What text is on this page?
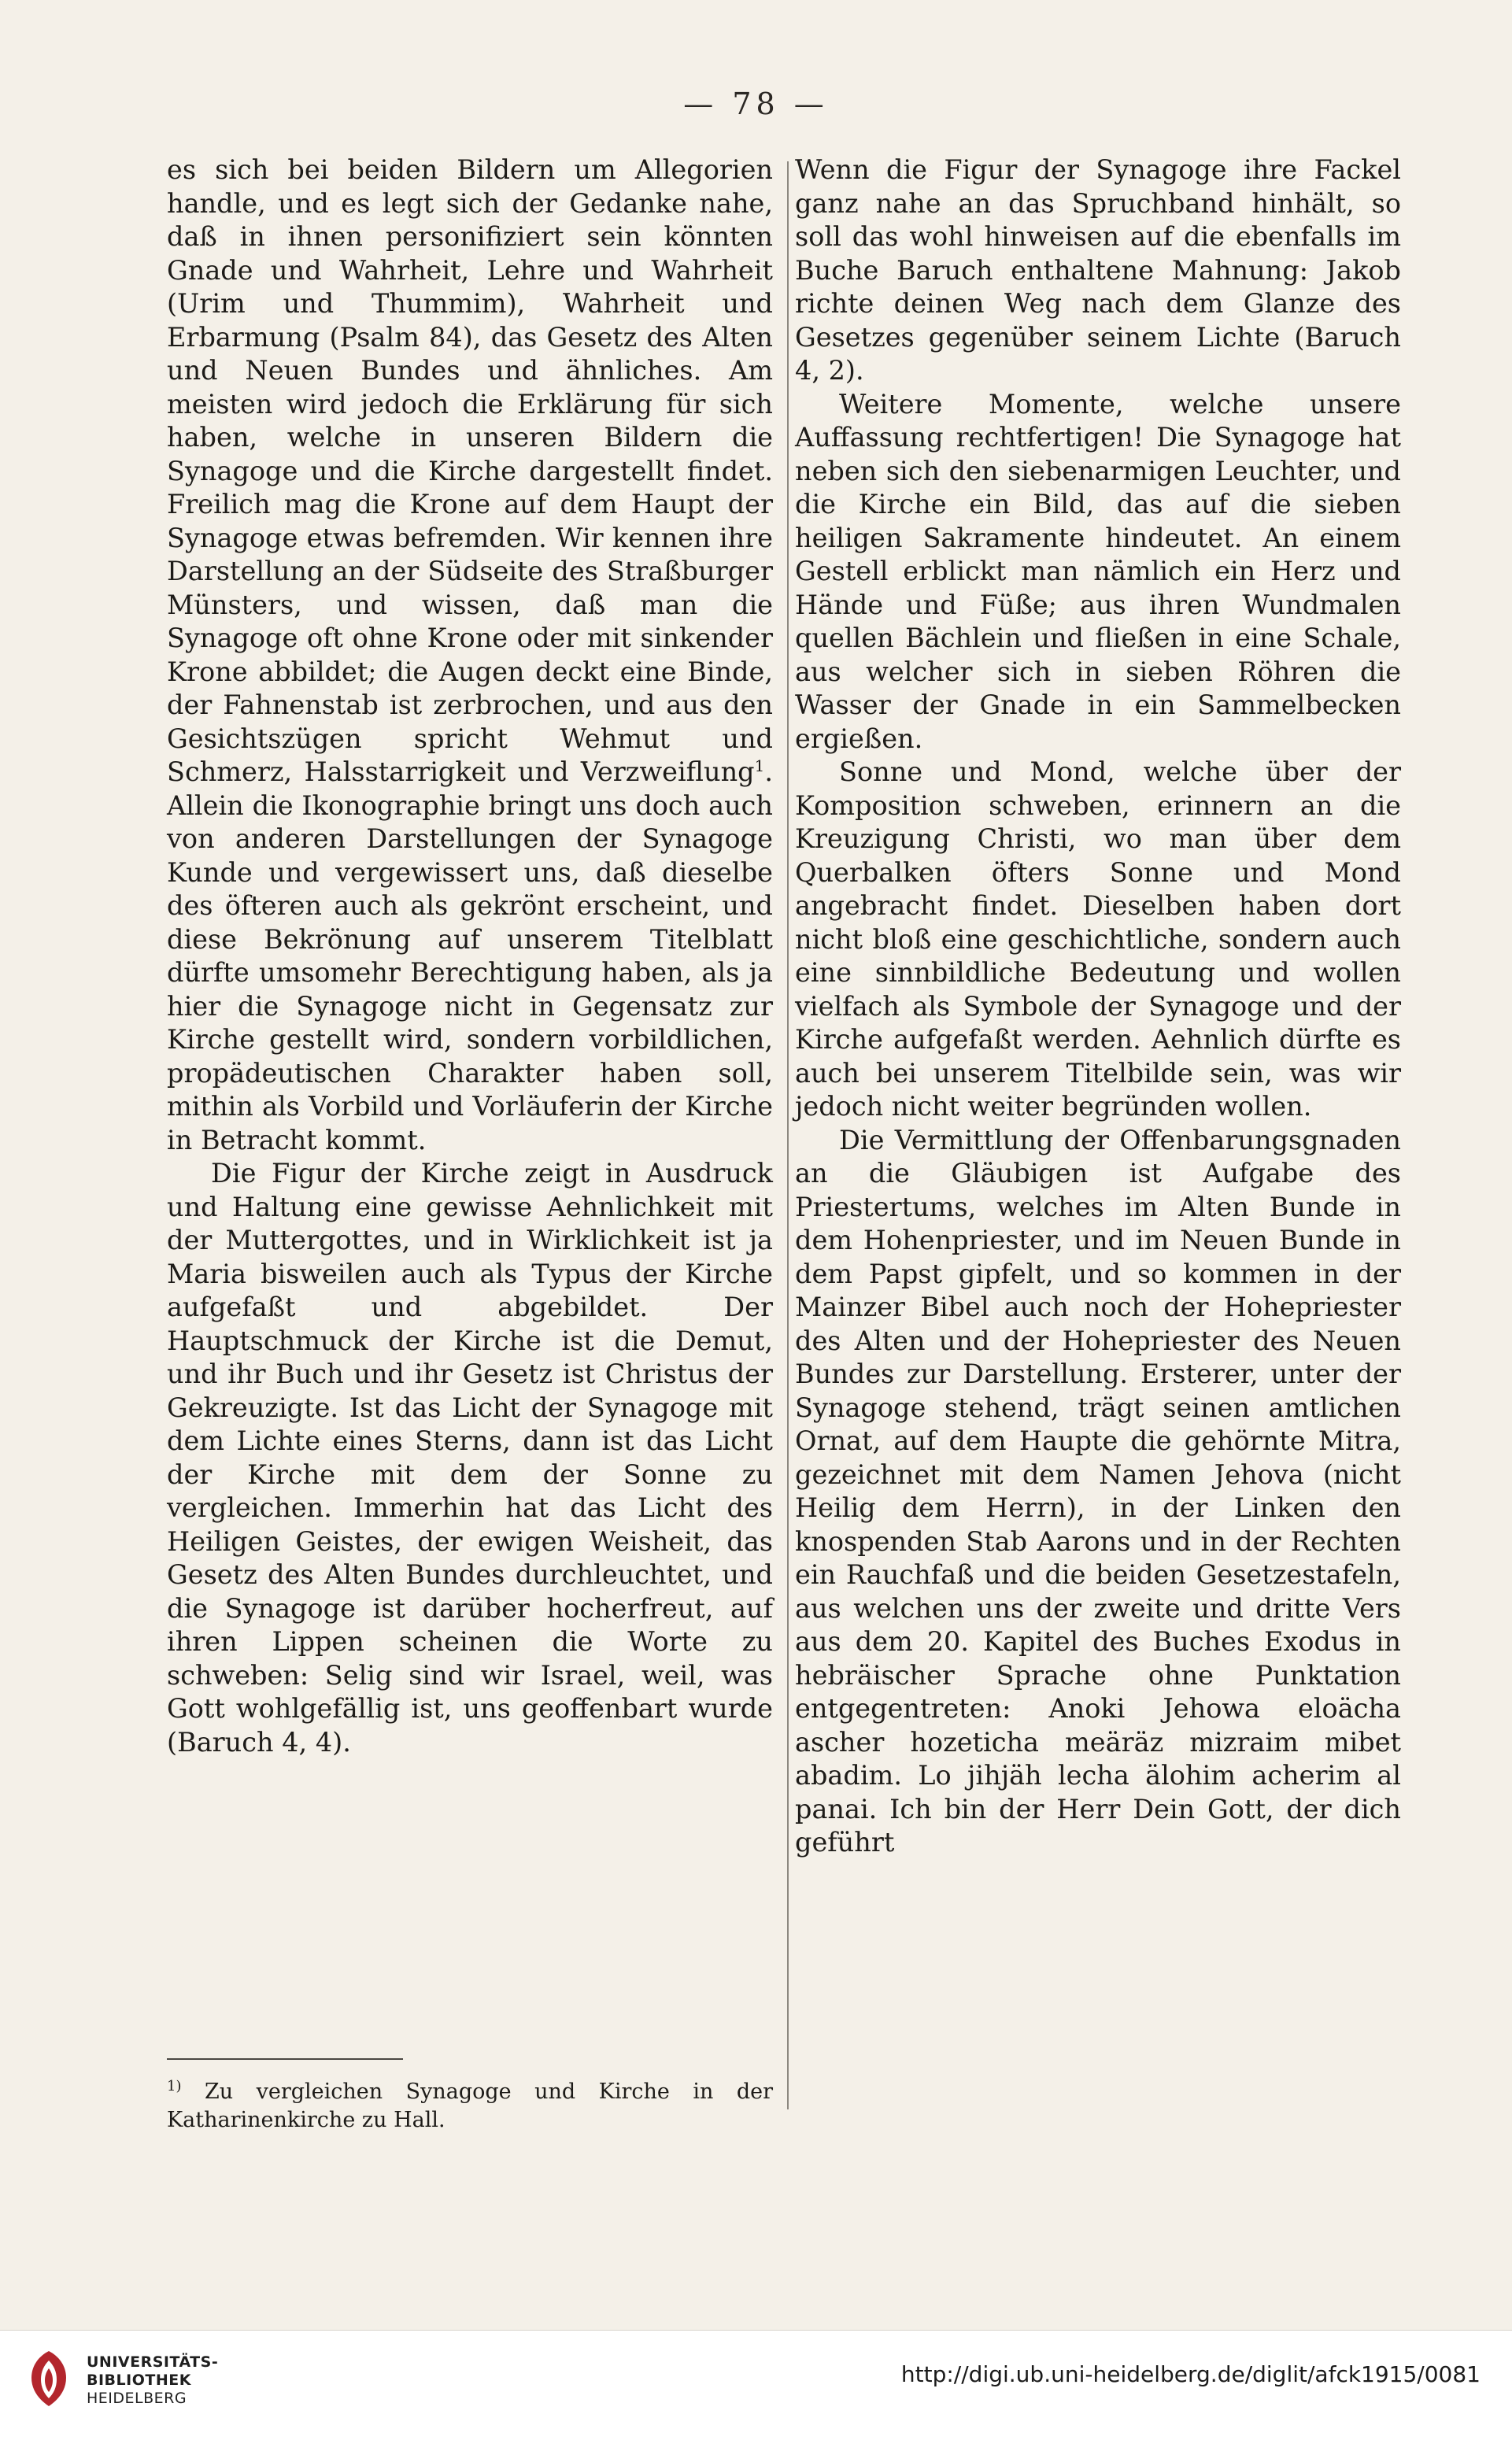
— 78 —

es sich bei beiden Bildern um Allegorien handle, und es legt sich der Gedanke nahe, daß in ihnen personifiziert sein könnten Gnade und Wahrheit, Lehre und Wahrheit (Urim und Thummim), Wahrheit und Erbarmung (Psalm 84), das Gesetz des Alten und Neuen Bundes und ähnliches. Am meisten wird jedoch die Erklärung für sich haben, welche in unseren Bildern die Synagoge und die Kirche dargestellt findet. Freilich mag die Krone auf dem Haupt der Synagoge etwas befremden. Wir kennen ihre Darstellung an der Südseite des Straßburger Münsters, und wissen, daß man die Synagoge oft ohne Krone oder mit sinkender Krone abbildet; die Augen deckt eine Binde, der Fahnenstab ist zerbrochen, und aus den Gesichtszügen spricht Wehmut und Schmerz, Halsstarrigkeit und Verzweiflung$^1$. Allein die Ikonographie bringt uns doch auch von anderen Darstellungen der Synagoge Kunde und vergewissert uns, daß dieselbe des öfteren auch als gekrönt erscheint, und diese Bekrönung auf unserem Titelblatt dürfte umsomehr Berechtigung haben, als ja hier die Synagoge nicht in Gegensatz zur Kirche gestellt wird, sondern vorbildlichen, propädeutischen Charakter haben soll, mithin als Vorbild und Vorläuferin der Kirche in Betracht kommt.

Die Figur der Kirche zeigt in Ausdruck und Haltung eine gewisse Aehnlichkeit mit der Muttergottes, und in Wirklichkeit ist ja Maria bisweilen auch als Typus der Kirche aufgefaßt und abgebildet. Der Hauptschmuck der Kirche ist die Demut, und ihr Buch und ihr Gesetz ist Christus der Gekreuzigte. Ist das Licht der Synagoge mit dem Lichte eines Sterns, dann ist das Licht der Kirche mit dem der Sonne zu vergleichen. Immerhin hat das Licht des Heiligen Geistes, der ewigen Weisheit, das Gesetz des Alten Bundes durchleuchtet, und die Synagoge ist darüber hocherfreut, auf ihren Lippen scheinen die Worte zu schweben: Selig sind wir Israel, weil, was Gott wohlgefällig ist, uns geoffenbart wurde (Baruch 4, 4).

Wenn die Figur der Synagoge ihre Fackel ganz nahe an das Spruchband hinhält, so soll das wohl hinweisen auf die ebenfalls im Buche Baruch enthaltene Mahnung: Jakob richte deinen Weg nach dem Glanze des Gesetzes gegenüber seinem Lichte (Baruch 4, 2).

Weitere Momente, welche unsere Auffassung rechtfertigen! Die Synagoge hat neben sich den siebenarmigen Leuchter, und die Kirche ein Bild, das auf die sieben heiligen Sakramente hindeutet. An einem Gestell erblickt man nämlich ein Herz und Hände und Füße; aus ihren Wundmalen quellen Bächlein und fließen in eine Schale, aus welcher sich in sieben Röhren die Wasser der Gnade in ein Sammelbecken ergießen.

Sonne und Mond, welche über der Komposition schweben, erinnern an die Kreuzigung Christi, wo man über dem Querbalken öfters Sonne und Mond angebracht findet. Dieselben haben dort nicht bloß eine geschichtliche, sondern auch eine sinnbildliche Bedeutung und wollen vielfach als Symbole der Synagoge und der Kirche aufgefaßt werden. Aehnlich dürfte es auch bei unserem Titelbilde sein, was wir jedoch nicht weiter begründen wollen.

Die Vermittlung der Offenbarungsgnaden an die Gläubigen ist Aufgabe des Priestertums, welches im Alten Bunde in dem Hohenpriester, und im Neuen Bunde in dem Papst gipfelt, und so kommen in der Mainzer Bibel auch noch der Hohepriester des Alten und der Hohepriester des Neuen Bundes zur Darstellung. Ersterer, unter der Synagoge stehend, trägt seinen amtlichen Ornat, auf dem Haupte die gehörnte Mitra, gezeichnet mit dem Namen Jehova (nicht Heilig dem Herrn), in der Linken den knospenden Stab Aarons und in der Rechten ein Rauchfaß und die beiden Gesetzestafeln, aus welchen uns der zweite und dritte Vers aus dem 20. Kapitel des Buches Exodus in hebräischer Sprache ohne Punktation entgegentreten: Anoki Jehowa eloächa ascher hozeticha meäräz mizraim mibet abadim. Lo jihjäh lecha älohim acherim al panai. Ich bin der Herr Dein Gott, der dich geführt

$^{1)}$ Zu vergleichen Synagoge und Kirche in der Katharinenkirche zu Hall.
UNIVERSITÄTS-
BIBLIOTHEK
HEIDELBERG
http://digi.ub.uni-heidelberg.de/diglit/afck1915/0081
